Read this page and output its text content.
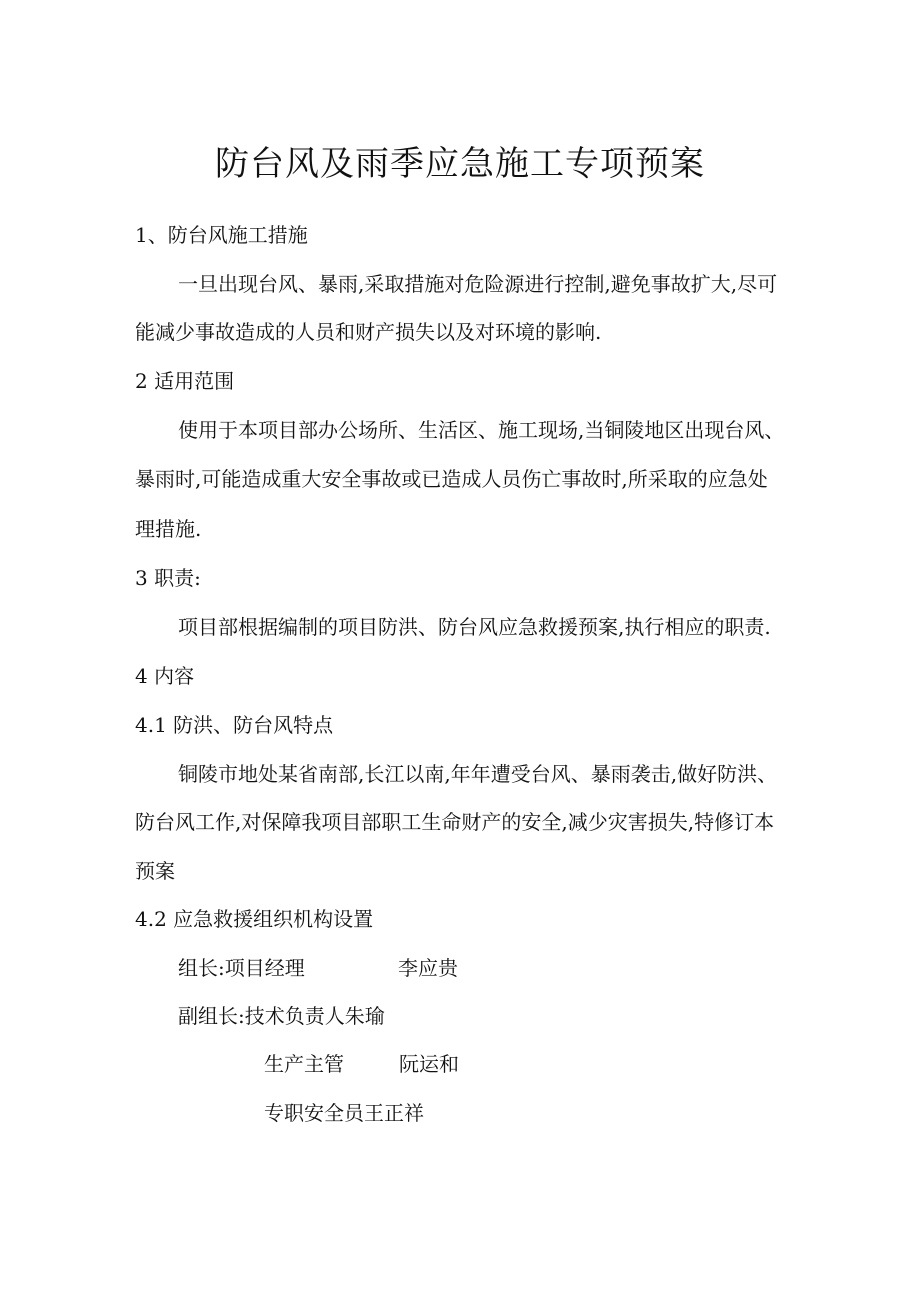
防台风及雨季应急施工专项预案
1、防台风施工措施
一旦出现台风、暴雨,采取措施对危险源进行控制,避免事故扩大,尽可
能减少事故造成的人员和财产损失以及对环境的影响.
2 适用范围
使用于本项目部办公场所、生活区、施工现场,当铜陵地区出现台风、
暴雨时,可能造成重大安全事故或已造成人员伤亡事故时,所采取的应急处
理措施.
3 职责:
项目部根据编制的项目防洪、防台风应急救援预案,执行相应的职责.
4 内容
4.1 防洪、防台风特点
铜陵市地处某省南部,长江以南,年年遭受台风、暴雨袭击,做好防洪、
防台风工作,对保障我项目部职工生命财产的安全,减少灾害损失,特修订本
预案
4.2 应急救援组织机构设置
组长:项目经理	李应贵
副组长:技术负责人朱瑜
生产主管	阮运和
专职安全员王正祥
